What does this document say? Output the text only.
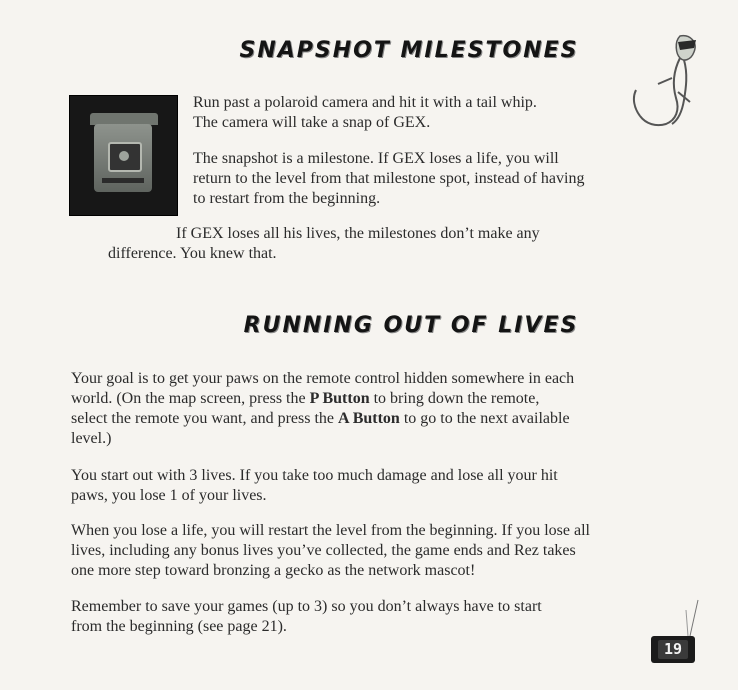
SNAPSHOT MILESTONES

Run past a polaroid camera and hit it with a tail whip.
The camera will take a snap of GEX.

The snapshot is a milestone. If GEX loses a life, you will
return to the level from that milestone spot, instead of having
to restart from the beginning.

If GEX loses all his lives, the milestones don’t make any
difference. You knew that.

RUNNING OUT OF LIVES

Your goal is to get your paws on the remote control hidden somewhere in each
world. (On the map screen, press the P Button to bring down the remote,
select the remote you want, and press the A Button to go to the next available
level.)

You start out with 3 lives. If you take too much damage and lose all your hit
paws, you lose 1 of your lives.

When you lose a life, you will restart the level from the beginning. If you lose all
lives, including any bonus lives you’ve collected, the game ends and Rez takes
one more step toward bronzing a gecko as the network mascot!

Remember to save your games (up to 3) so you don’t always have to start
from the beginning (see page 21).

19
